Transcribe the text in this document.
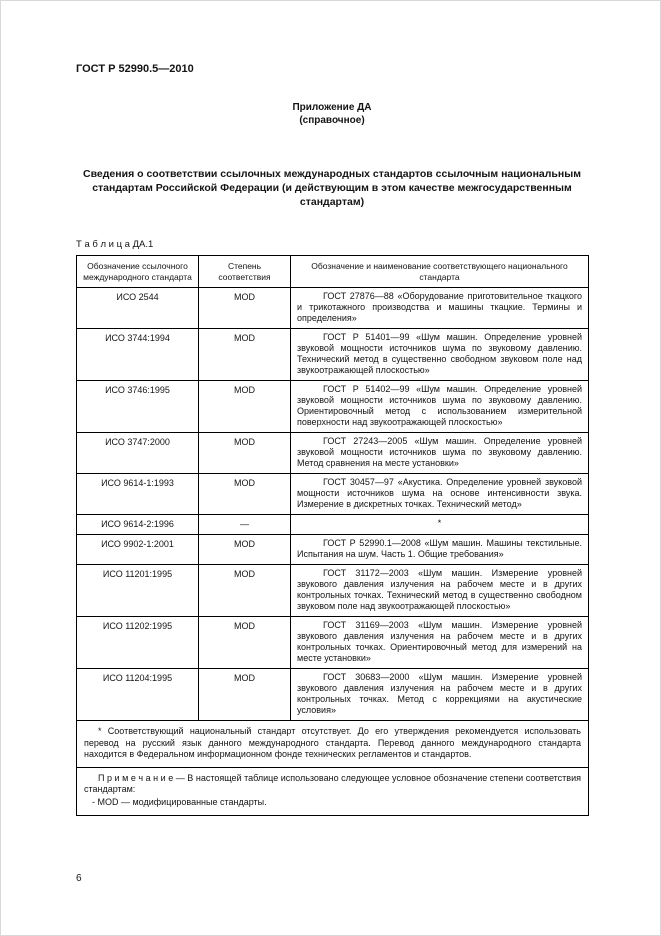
ГОСТ Р 52990.5—2010
Приложение ДА
(справочное)
Сведения о соответствии ссылочных международных стандартов ссылочным национальным стандартам Российской Федерации (и действующим в этом качестве межгосударственным стандартам)
Т а б л и ц а ДА.1
Обозначение ссылочного международного стандарта	Степень соответствия	Обозначение и наименование соответствующего национального стандарта
ИСО 2544	MOD	ГОСТ 27876—88 «Оборудование приготовительное ткацкого и трикотажного производства и машины ткацкие. Термины и определения»
ИСО 3744:1994	MOD	ГОСТ Р 51401—99 «Шум машин. Определение уровней звуковой мощности источников шума по звуковому давлению. Технический метод в существенно свободном звуковом поле над звукоотражающей плоскостью»
ИСО 3746:1995	MOD	ГОСТ Р 51402—99 «Шум машин. Определение уровней звуковой мощности источников шума по звуковому давлению. Ориентировочный метод с использованием измерительной поверхности над звукоотражающей плоскостью»
ИСО 3747:2000	MOD	ГОСТ 27243—2005 «Шум машин. Определение уровней звуковой мощности источников шума по звуковому давлению. Метод сравнения на месте установки»
ИСО 9614-1:1993	MOD	ГОСТ 30457—97 «Акустика. Определение уровней звуковой мощности источников шума на основе интенсивности звука. Измерение в дискретных точках. Технический метод»
ИСО 9614-2:1996	—	*
ИСО 9902-1:2001	MOD	ГОСТ Р 52990.1—2008 «Шум машин. Машины текстильные. Испытания на шум. Часть 1. Общие требования»
ИСО 11201:1995	MOD	ГОСТ 31172—2003 «Шум машин. Измерение уровней звукового давления излучения на рабочем месте и в других контрольных точках. Технический метод в существенно свободном звуковом поле над звукоотражающей плоскостью»
ИСО 11202:1995	MOD	ГОСТ 31169—2003 «Шум машин. Измерение уровней звукового давления излучения на рабочем месте и в других контрольных точках. Ориентировочный метод для измерений на месте установки»
ИСО 11204:1995	MOD	ГОСТ 30683—2000 «Шум машин. Измерение уровней звукового давления излучения на рабочем месте и в других контрольных точках. Метод с коррекциями на акустические условия»
* Соответствующий национальный стандарт отсутствует. До его утверждения рекомендуется использовать перевод на русский язык данного международного стандарта. Перевод данного международного стандарта находится в Федеральном информационном фонде технических регламентов и стандартов.		

П р и м е ч а н и е — В настоящей таблице использовано следующее условное обозначение степени соответствия стандартам:

- MOD — модифицированные стандарты.		

6
